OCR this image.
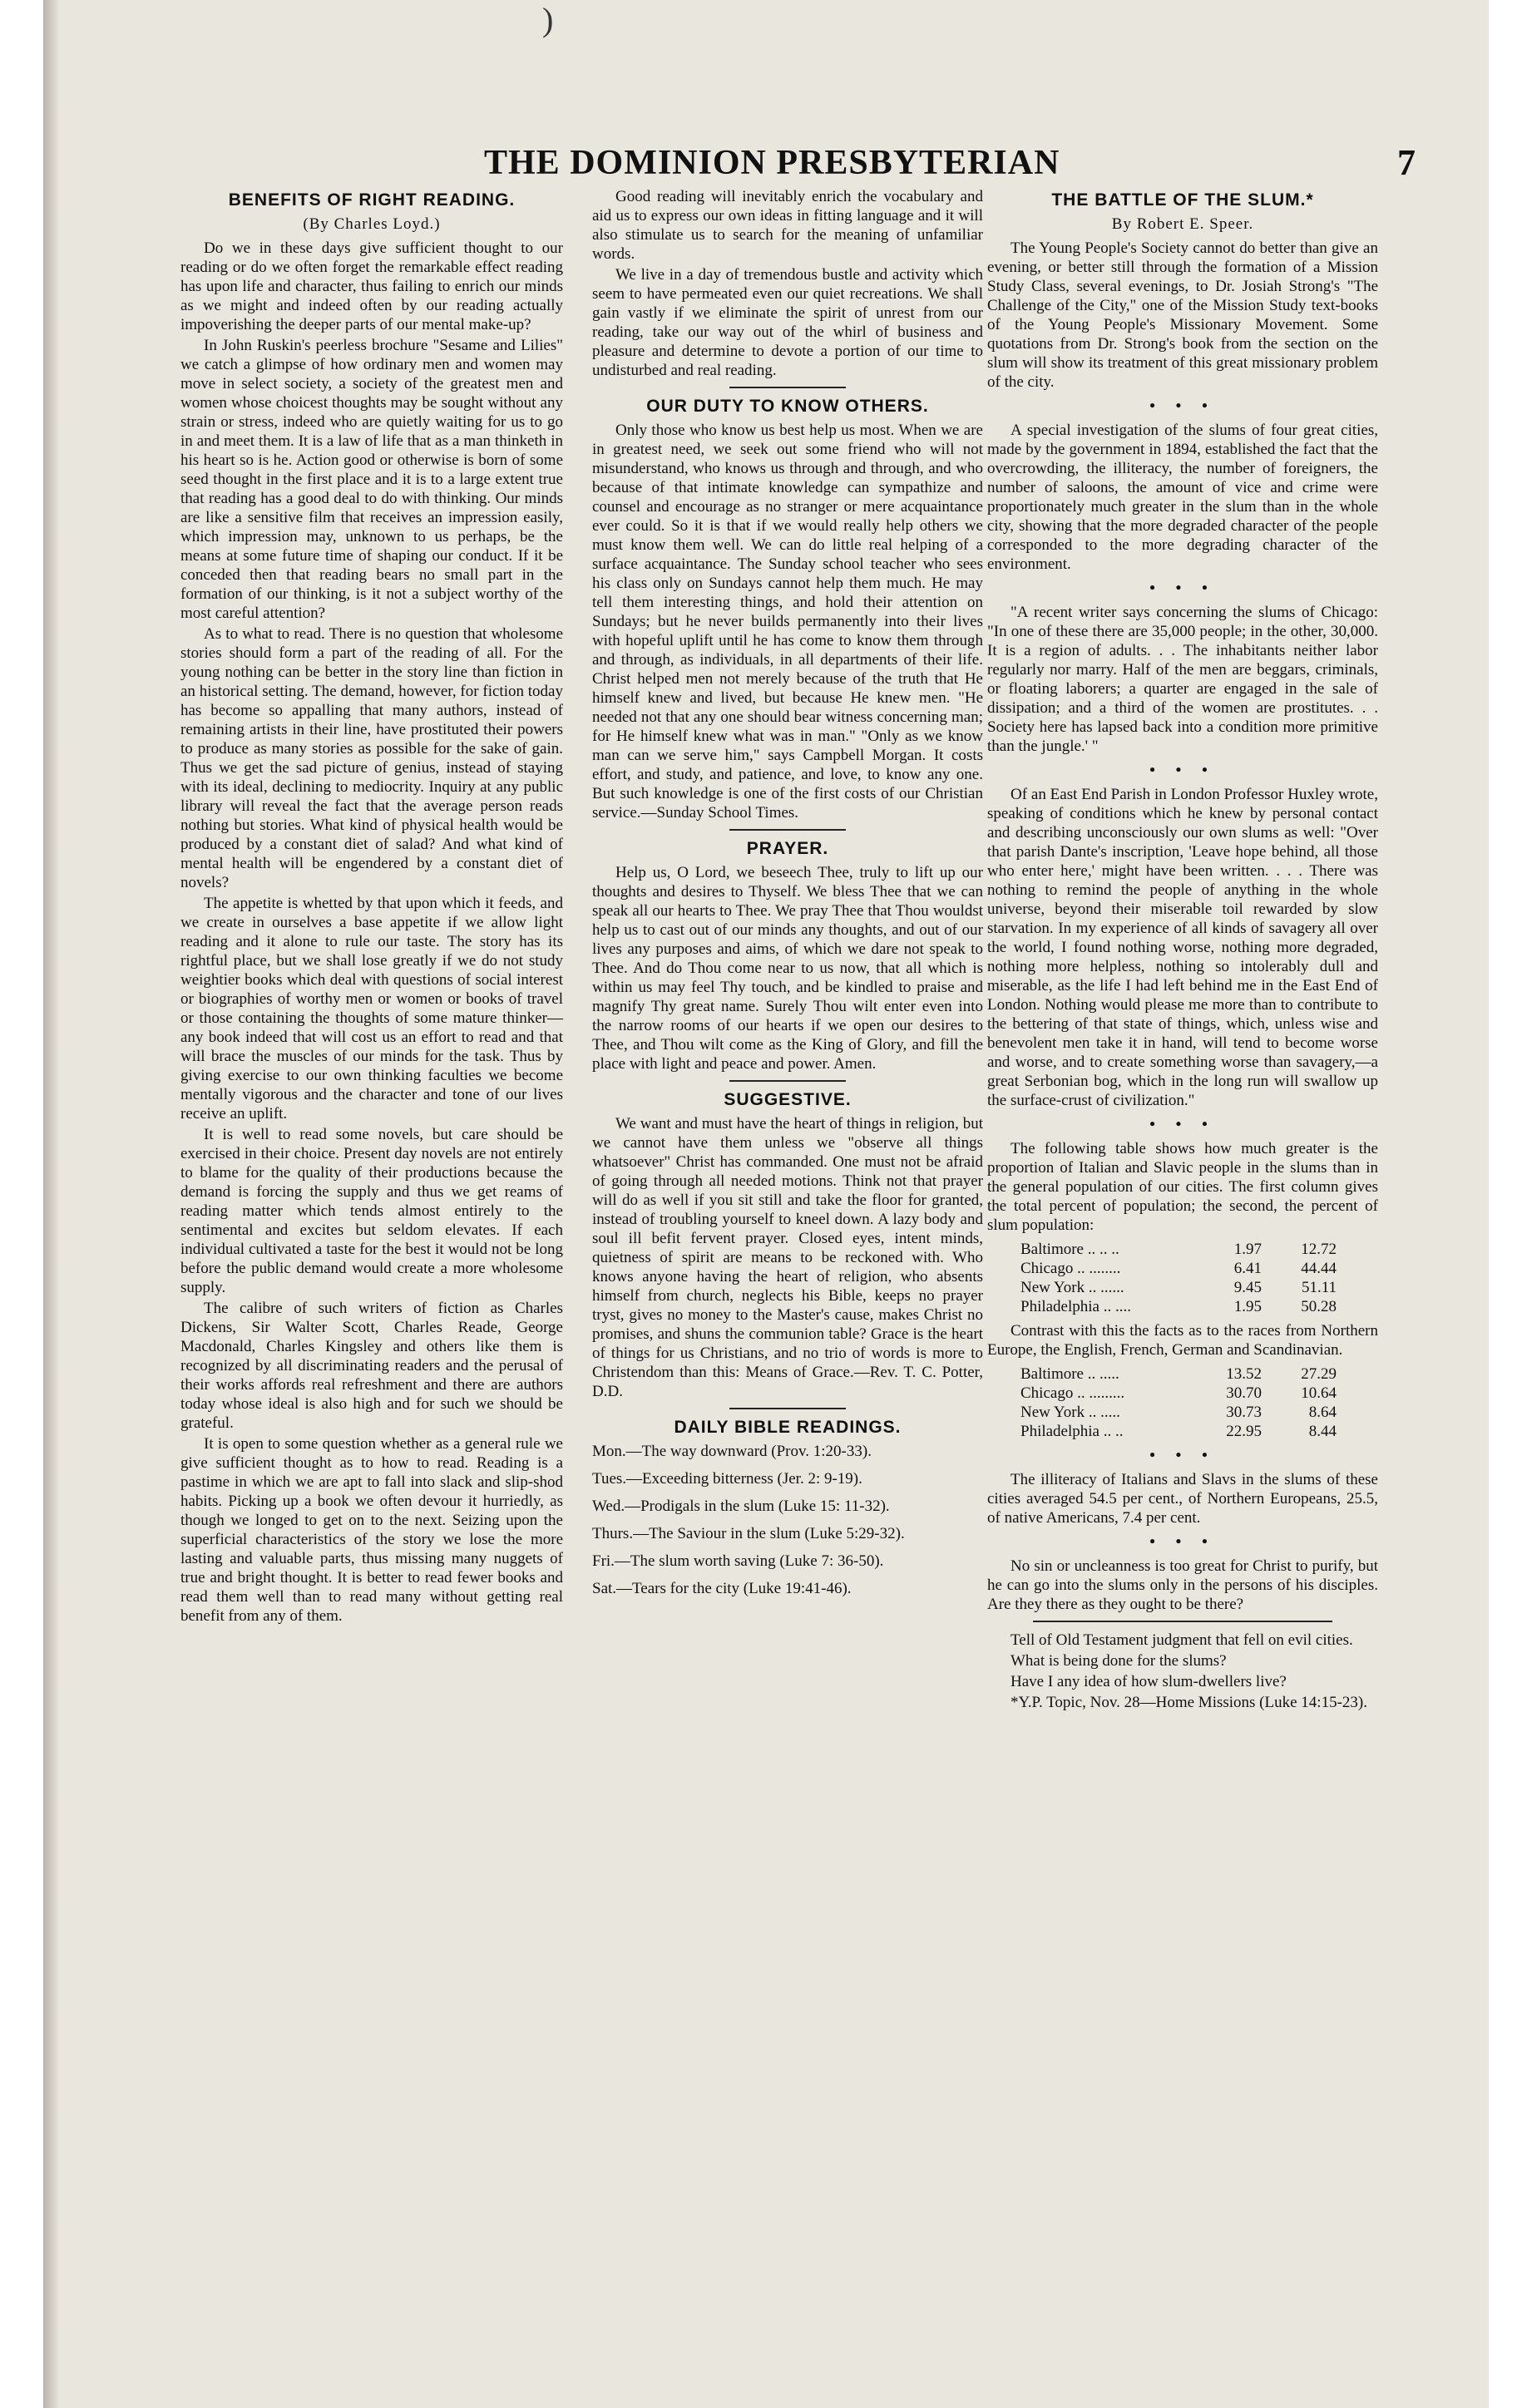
)
THE DOMINION PRESBYTERIAN	7
BENEFITS OF RIGHT READING.
(By Charles Loyd.)

Do we in these days give sufficient thought to our reading or do we often forget the remarkable effect reading has upon life and character, thus failing to enrich our minds as we might and indeed often by our reading actually impoverishing the deeper parts of our mental make-up?

In John Ruskin's peerless brochure "Sesame and Lilies" we catch a glimpse of how ordinary men and women may move in select society, a society of the greatest men and women whose choicest thoughts may be sought without any strain or stress, indeed who are quietly waiting for us to go in and meet them. It is a law of life that as a man thinketh in his heart so is he. Action good or otherwise is born of some seed thought in the first place and it is to a large extent true that reading has a good deal to do with thinking. Our minds are like a sensitive film that receives an impression easily, which impression may, unknown to us perhaps, be the means at some future time of shaping our conduct. If it be conceded then that reading bears no small part in the formation of our thinking, is it not a subject worthy of the most careful attention?

As to what to read. There is no question that wholesome stories should form a part of the reading of all. For the young nothing can be better in the story line than fiction in an historical setting. The demand, however, for fiction today has become so appalling that many authors, instead of remaining artists in their line, have prostituted their powers to produce as many stories as possible for the sake of gain. Thus we get the sad picture of genius, instead of staying with its ideal, declining to mediocrity. Inquiry at any public library will reveal the fact that the average person reads nothing but stories. What kind of physical health would be produced by a constant diet of salad? And what kind of mental health will be engendered by a constant diet of novels?

The appetite is whetted by that upon which it feeds, and we create in ourselves a base appetite if we allow light reading and it alone to rule our taste. The story has its rightful place, but we shall lose greatly if we do not study weightier books which deal with questions of social interest or biographies of worthy men or women or books of travel or those containing the thoughts of some mature thinker—any book indeed that will cost us an effort to read and that will brace the muscles of our minds for the task. Thus by giving exercise to our own thinking faculties we become mentally vigorous and the character and tone of our lives receive an uplift.

It is well to read some novels, but care should be exercised in their choice. Present day novels are not entirely to blame for the quality of their productions because the demand is forcing the supply and thus we get reams of reading matter which tends almost entirely to the sentimental and excites but seldom elevates. If each individual cultivated a taste for the best it would not be long before the public demand would create a more wholesome supply.

The calibre of such writers of fiction as Charles Dickens, Sir Walter Scott, Charles Reade, George Macdonald, Charles Kingsley and others like them is recognized by all discriminating readers and the perusal of their works affords real refreshment and there are authors today whose ideal is also high and for such we should be grateful.

It is open to some question whether as a general rule we give sufficient thought as to how to read. Reading is a pastime in which we are apt to fall into slack and slip-shod habits. Picking up a book we often devour it hurriedly, as though we longed to get on to the next. Seizing upon the superficial characteristics of the story we lose the more lasting and valuable parts, thus missing many nuggets of true and bright thought. It is better to read fewer books and read them well than to read many without getting real benefit from any of them.

Good reading will inevitably enrich the vocabulary and aid us to express our own ideas in fitting language and it will also stimulate us to search for the meaning of unfamiliar words.

We live in a day of tremendous bustle and activity which seem to have permeated even our quiet recreations. We shall gain vastly if we eliminate the spirit of unrest from our reading, take our way out of the whirl of business and pleasure and determine to devote a portion of our time to undisturbed and real reading.

OUR DUTY TO KNOW OTHERS.

Only those who know us best help us most. When we are in greatest need, we seek out some friend who will not misunderstand, who knows us through and through, and who because of that intimate knowledge can sympathize and counsel and encourage as no stranger or mere acquaintance ever could. So it is that if we would really help others we must know them well. We can do little real helping of a surface acquaintance. The Sunday school teacher who sees his class only on Sundays cannot help them much. He may tell them interesting things, and hold their attention on Sundays; but he never builds permanently into their lives with hopeful uplift until he has come to know them through and through, as individuals, in all departments of their life. Christ helped men not merely because of the truth that He himself knew and lived, but because He knew men. "He needed not that any one should bear witness concerning man; for He himself knew what was in man." "Only as we know man can we serve him," says Campbell Morgan. It costs effort, and study, and patience, and love, to know any one. But such knowledge is one of the first costs of our Christian service.—Sunday School Times.

PRAYER.

Help us, O Lord, we beseech Thee, truly to lift up our thoughts and desires to Thyself. We bless Thee that we can speak all our hearts to Thee. We pray Thee that Thou wouldst help us to cast out of our minds any thoughts, and out of our lives any purposes and aims, of which we dare not speak to Thee. And do Thou come near to us now, that all which is within us may feel Thy touch, and be kindled to praise and magnify Thy great name. Surely Thou wilt enter even into the narrow rooms of our hearts if we open our desires to Thee, and Thou wilt come as the King of Glory, and fill the place with light and peace and power. Amen.

SUGGESTIVE.

We want and must have the heart of things in religion, but we cannot have them unless we "observe all things whatsoever" Christ has commanded. One must not be afraid of going through all needed motions. Think not that prayer will do as well if you sit still and take the floor for granted, instead of troubling yourself to kneel down. A lazy body and soul ill befit fervent prayer. Closed eyes, intent minds, quietness of spirit are means to be reckoned with. Who knows anyone having the heart of religion, who absents himself from church, neglects his Bible, keeps no prayer tryst, gives no money to the Master's cause, makes Christ no promises, and shuns the communion table? Grace is the heart of things for us Christians, and no trio of words is more to Christendom than this: Means of Grace.—Rev. T. C. Potter, D.D.

DAILY BIBLE READINGS.
Mon.—The way downward (Prov. 1:20-33).
Tues.—Exceeding bitterness (Jer. 2: 9-19).
Wed.—Prodigals in the slum (Luke 15: 11-32).
Thurs.—The Saviour in the slum (Luke 5:29-32).
Fri.—The slum worth saving (Luke 7: 36-50).
Sat.—Tears for the city (Luke 19:41-46).
THE BATTLE OF THE SLUM.*
By Robert E. Speer.

The Young People's Society cannot do better than give an evening, or better still through the formation of a Mission Study Class, several evenings, to Dr. Josiah Strong's "The Challenge of the City," one of the Mission Study text-books of the Young People's Missionary Movement. Some quotations from Dr. Strong's book from the section on the slum will show its treatment of this great missionary problem of the city.

• • •

A special investigation of the slums of four great cities, made by the government in 1894, established the fact that the overcrowding, the illiteracy, the number of foreigners, the number of saloons, the amount of vice and crime were proportionately much greater in the slum than in the whole city, showing that the more degraded character of the people corresponded to the more degrading character of the environment.

• • •

"A recent writer says concerning the slums of Chicago: "In one of these there are 35,000 people; in the other, 30,000. It is a region of adults. . . The inhabitants neither labor regularly nor marry. Half of the men are beggars, criminals, or floating laborers; a quarter are engaged in the sale of dissipation; and a third of the women are prostitutes. . . Society here has lapsed back into a condition more primitive than the jungle.' "

• • •

Of an East End Parish in London Professor Huxley wrote, speaking of conditions which he knew by personal contact and describing unconsciously our own slums as well: "Over that parish Dante's inscription, 'Leave hope behind, all those who enter here,' might have been written. . . . There was nothing to remind the people of anything in the whole universe, beyond their miserable toil rewarded by slow starvation. In my experience of all kinds of savagery all over the world, I found nothing worse, nothing more degraded, nothing more helpless, nothing so intolerably dull and miserable, as the life I had left behind me in the East End of London. Nothing would please me more than to contribute to the bettering of that state of things, which, unless wise and benevolent men take it in hand, will tend to become worse and worse, and to create something worse than savagery,—a great Serbonian bog, which in the long run will swallow up the surface-crust of civilization."

• • •

The following table shows how much greater is the proportion of Italian and Slavic people in the slums than in the general population of our cities. The first column gives the total percent of population; the second, the percent of slum population:

Baltimore .. .. ..	1.97	12.72
Chicago .. ........	6.41	44.44
New York .. ......	9.45	51.11
Philadelphia .. ....	1.95	50.28

Contrast with this the facts as to the races from Northern Europe, the English, French, German and Scandinavian.

Baltimore .. .....	13.52	27.29
Chicago .. .........	30.70	10.64
New York .. .....	30.73	8.64
Philadelphia .. ..	22.95	8.44
• • •

The illiteracy of Italians and Slavs in the slums of these cities averaged 54.5 per cent., of Northern Europeans, 25.5, of native Americans, 7.4 per cent.

• • •

No sin or uncleanness is too great for Christ to purify, but he can go into the slums only in the persons of his disciples. Are they there as they ought to be there?

Tell of Old Testament judgment that fell on evil cities.

What is being done for the slums?

Have I any idea of how slum-dwellers live?

*Y.P. Topic, Nov. 28—Home Missions (Luke 14:15-23).
